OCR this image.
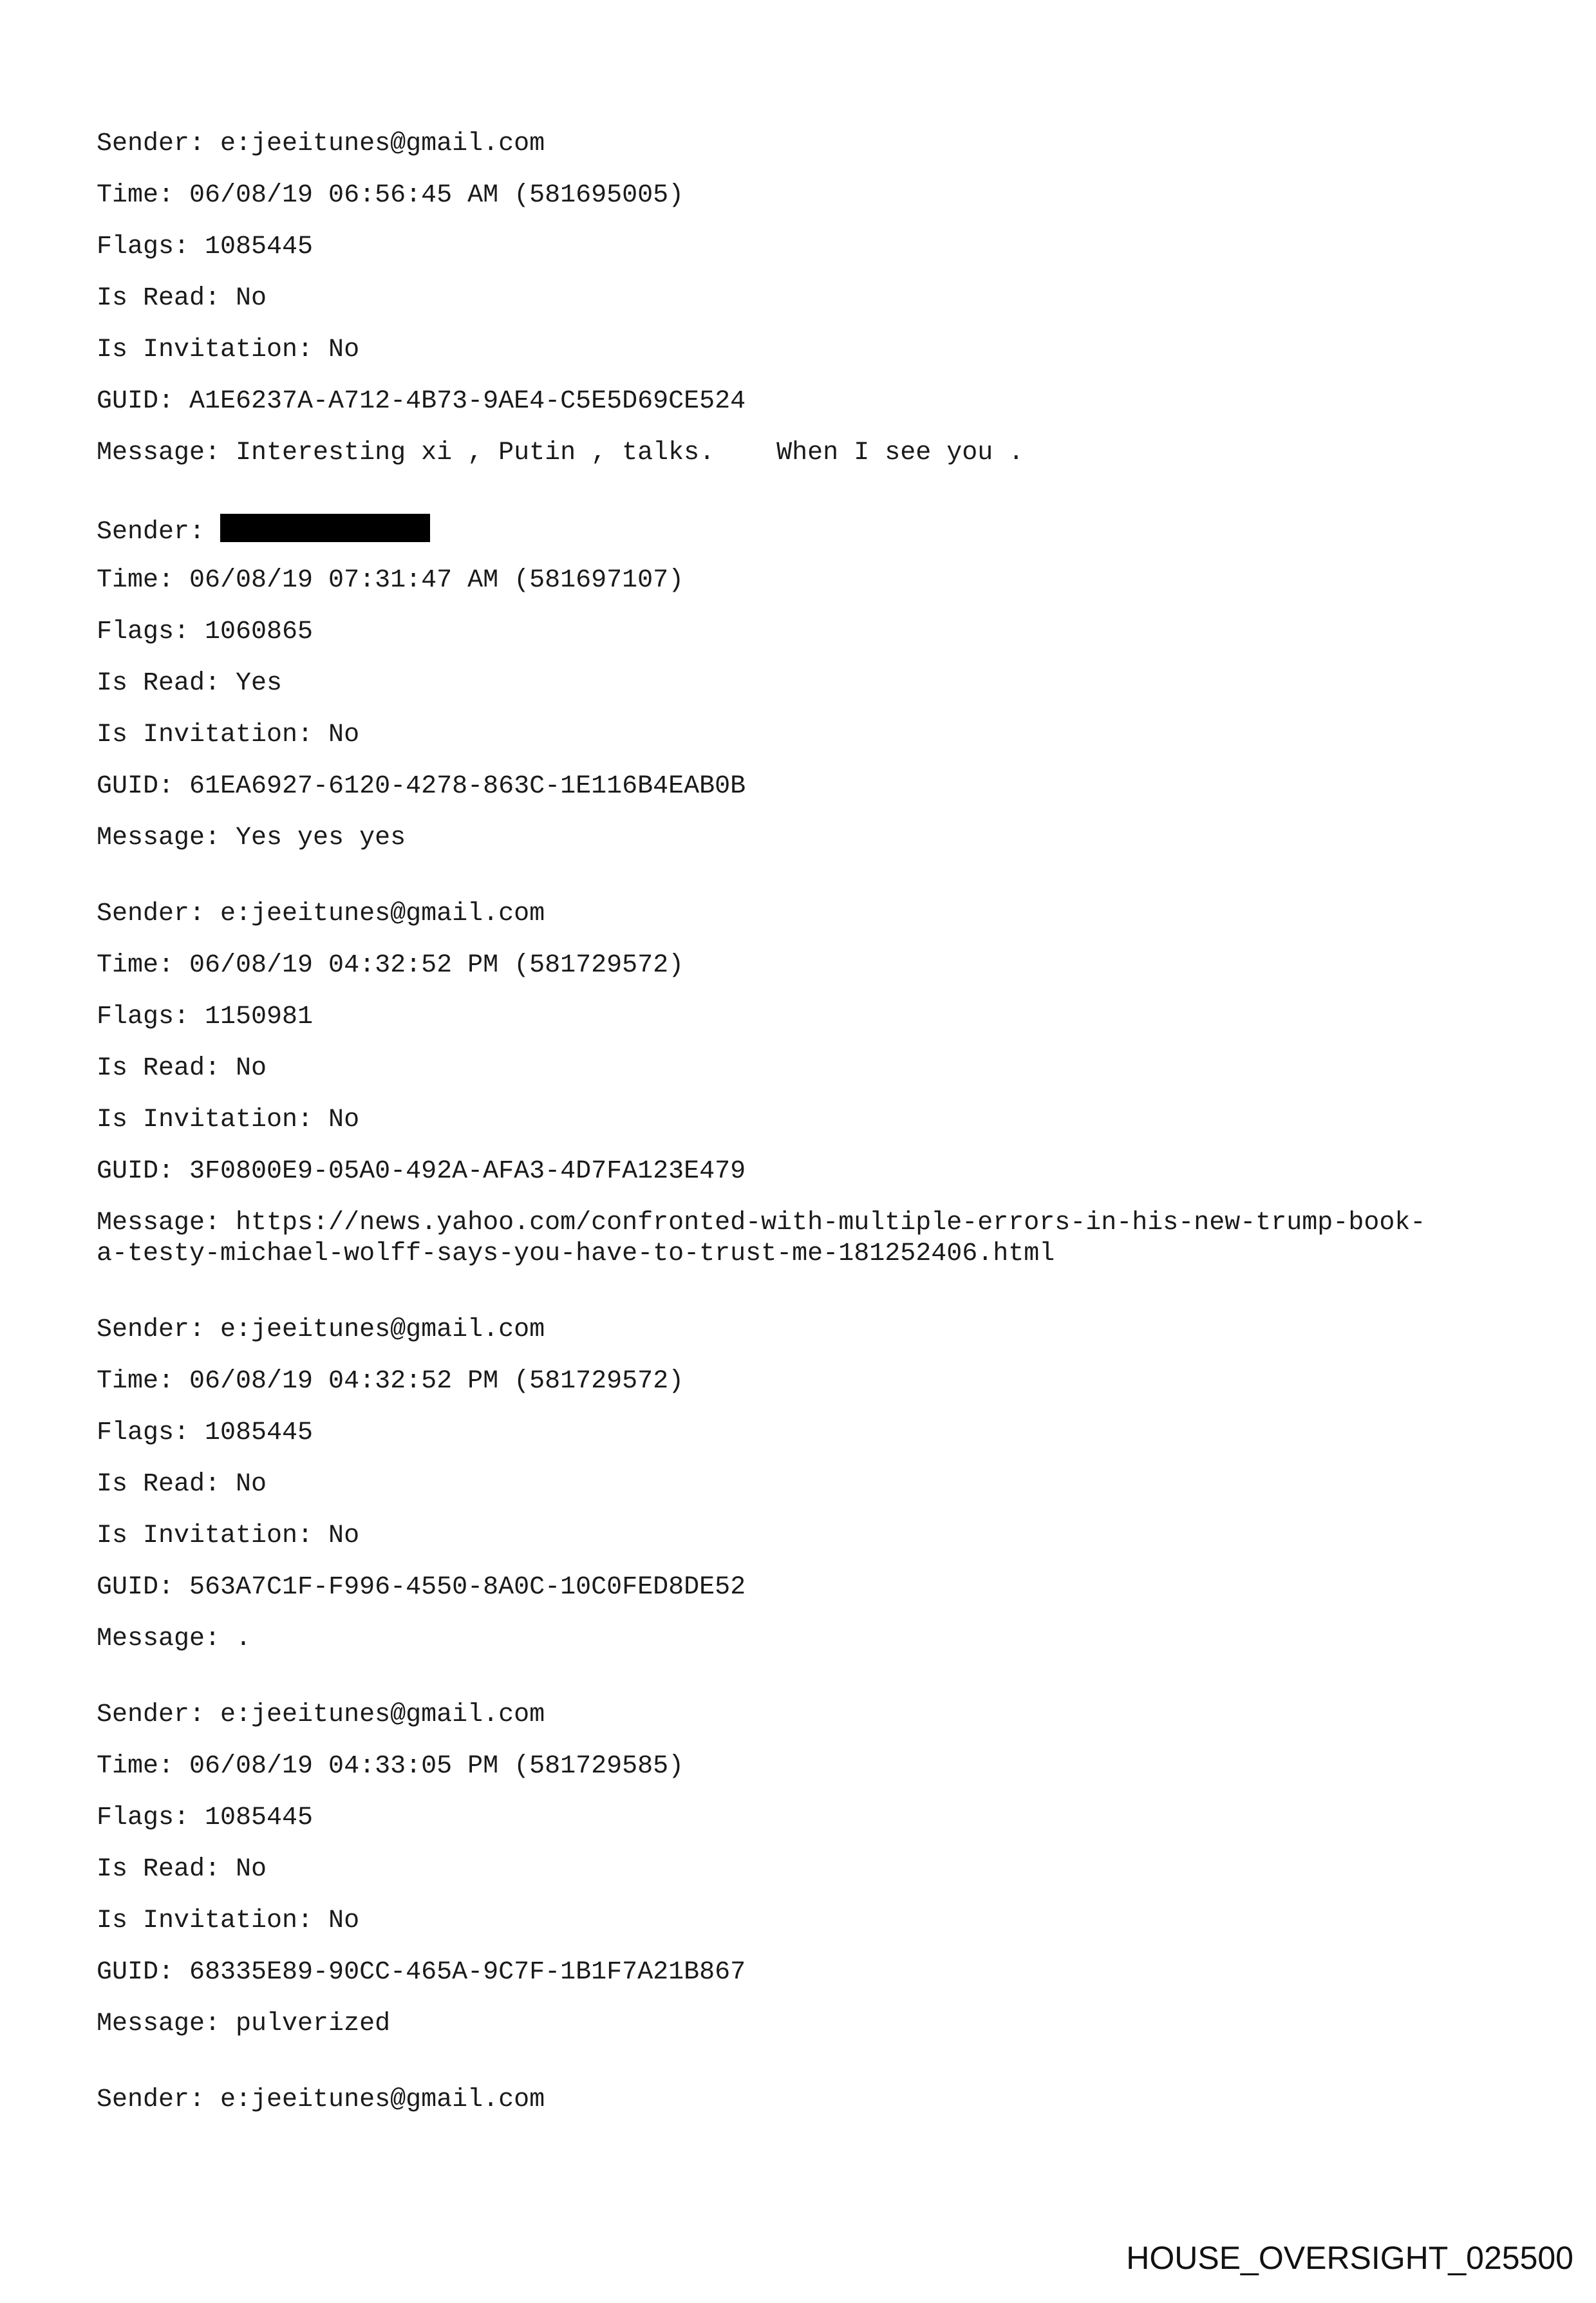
Sender: e:jeeitunes@gmail.com
Time: 06/08/19 06:56:45 AM (581695005)
Flags: 1085445
Is Read: No
Is Invitation: No
GUID: A1E6237A-A712-4B73-9AE4-C5E5D69CE524
Message: Interesting xi , Putin , talks.    When I see you .
Sender:
Time: 06/08/19 07:31:47 AM (581697107)
Flags: 1060865
Is Read: Yes
Is Invitation: No
GUID: 61EA6927-6120-4278-863C-1E116B4EAB0B
Message: Yes yes yes
Sender: e:jeeitunes@gmail.com
Time: 06/08/19 04:32:52 PM (581729572)
Flags: 1150981
Is Read: No
Is Invitation: No
GUID: 3F0800E9-05A0-492A-AFA3-4D7FA123E479
Message: https://news.yahoo.com/confronted-with-multiple-errors-in-his-new-trump-book-
a-testy-michael-wolff-says-you-have-to-trust-me-181252406.html
Sender: e:jeeitunes@gmail.com
Time: 06/08/19 04:32:52 PM (581729572)
Flags: 1085445
Is Read: No
Is Invitation: No
GUID: 563A7C1F-F996-4550-8A0C-10C0FED8DE52
Message: .
Sender: e:jeeitunes@gmail.com
Time: 06/08/19 04:33:05 PM (581729585)
Flags: 1085445
Is Read: No
Is Invitation: No
GUID: 68335E89-90CC-465A-9C7F-1B1F7A21B867
Message: pulverized
Sender: e:jeeitunes@gmail.com
HOUSE_OVERSIGHT_025500
